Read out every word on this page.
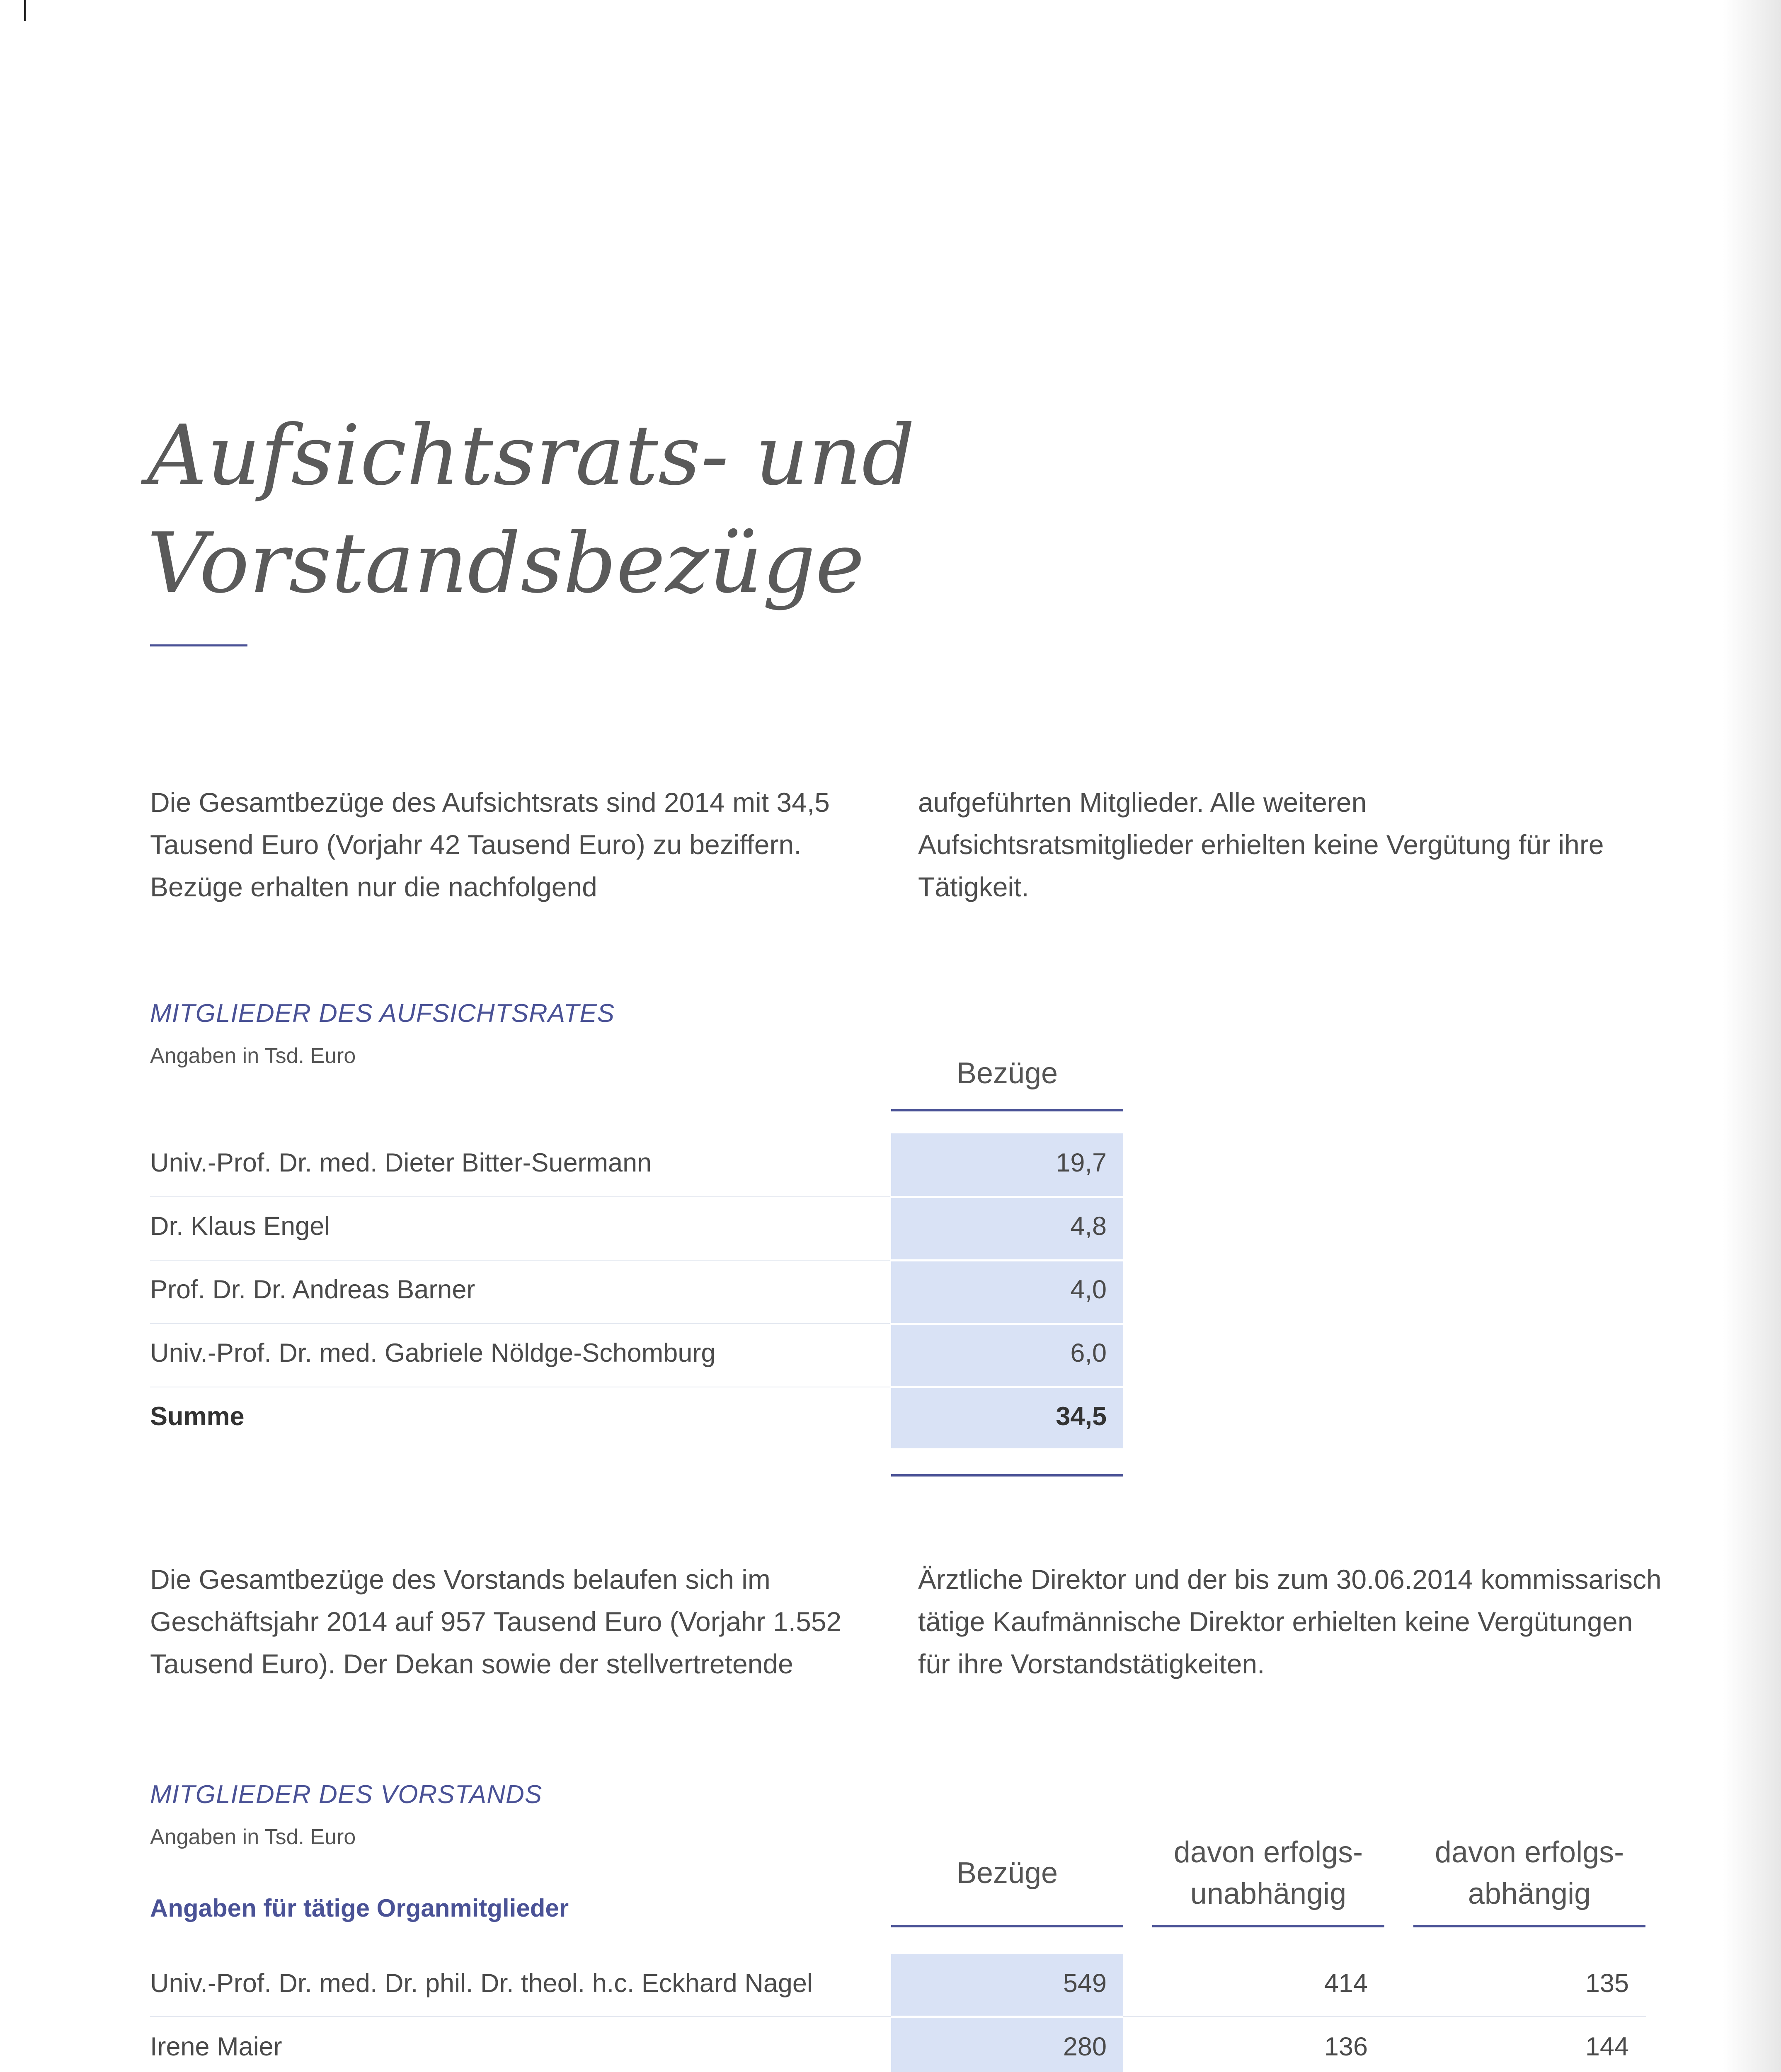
Aufsichtsrats- und
Vorstandsbezüge

Die Gesamtbezüge des Aufsichtsrats sind 2014 mit 34,5 Tausend Euro (Vorjahr 42 Tausend Euro) zu beziffern. Bezüge erhalten nur die nachfolgend

aufgeführten Mitglieder. Alle weiteren Aufsichtsratsmitglieder erhielten keine Vergütung für ihre Tätigkeit.

MITGLIEDER DES AUFSICHTSRATES

Angaben in Tsd. Euro

Bezüge
Univ.-Prof. Dr. med. Dieter Bitter-Suermann	19,7
Dr. Klaus Engel	4,8
Prof. Dr. Dr. Andreas Barner	4,0
Univ.-Prof. Dr. med. Gabriele Nöldge-Schomburg	6,0
Summe	34,5

Die Gesamtbezüge des Vorstands belaufen sich im Geschäftsjahr 2014 auf 957 Tausend Euro (Vorjahr 1.552 Tausend Euro). Der Dekan sowie der stellvertretende

Ärztliche Direktor und der bis zum 30.06.2014 kommissarisch tätige Kaufmännische Direktor erhielten keine Vergütungen für ihre Vorstandstätigkeiten.

MITGLIEDER DES VORSTANDS

Angaben in Tsd. Euro

Angaben für tätige Organmitglieder

Bezüge
davon erfolgs-
unabhängig
davon erfolgs-
abhängig
Univ.-Prof. Dr. med. Dr. phil. Dr. theol. h.c. Eckhard Nagel	549	414	135
Irene Maier	280	136	144
